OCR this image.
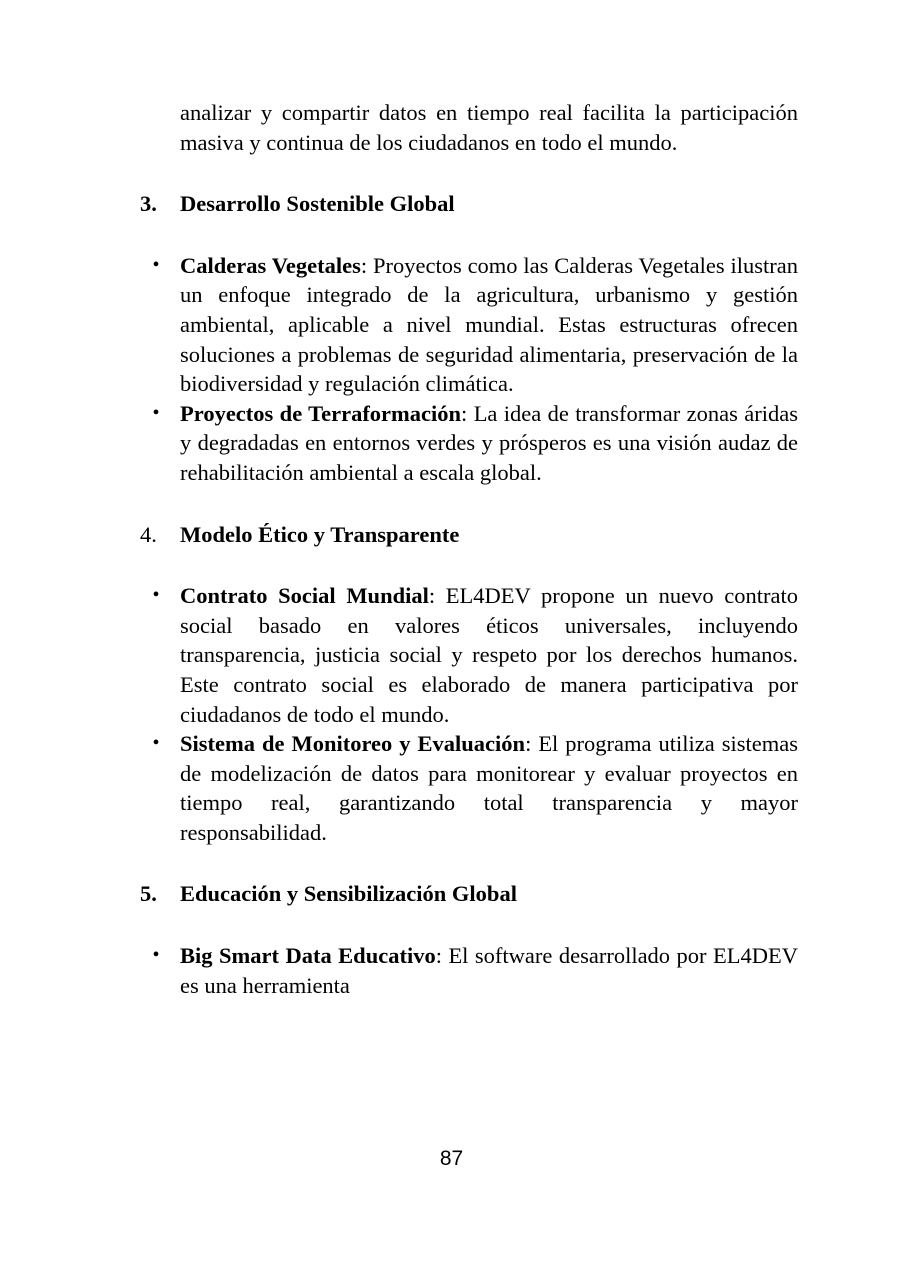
analizar y compartir datos en tiempo real facilita la participación masiva y continua de los ciudadanos en todo el mundo.

3.	Desarrollo Sostenible Global

• Calderas Vegetales: Proyectos como las Calderas Vegetales ilustran un enfoque integrado de la agricultura, urbanismo y gestión ambiental, aplicable a nivel mundial. Estas estructuras ofrecen soluciones a problemas de seguridad alimentaria, preservación de la biodiversidad y regulación climática.

• Proyectos de Terraformación: La idea de transformar zonas áridas y degradadas en entornos verdes y prósperos es una visión audaz de rehabilitación ambiental a escala global.

4.	Modelo Ético y Transparente

• Contrato Social Mundial: EL4DEV propone un nuevo contrato social basado en valores éticos universales, incluyendo transparencia, justicia social y respeto por los derechos humanos. Este contrato social es elaborado de manera participativa por ciudadanos de todo el mundo.

• Sistema de Monitoreo y Evaluación: El programa utiliza sistemas de modelización de datos para monitorear y evaluar proyectos en tiempo real, garantizando total transparencia y mayor responsabilidad.

5.	Educación y Sensibilización Global

• Big Smart Data Educativo: El software desarrollado por EL4DEV es una herramienta

87
